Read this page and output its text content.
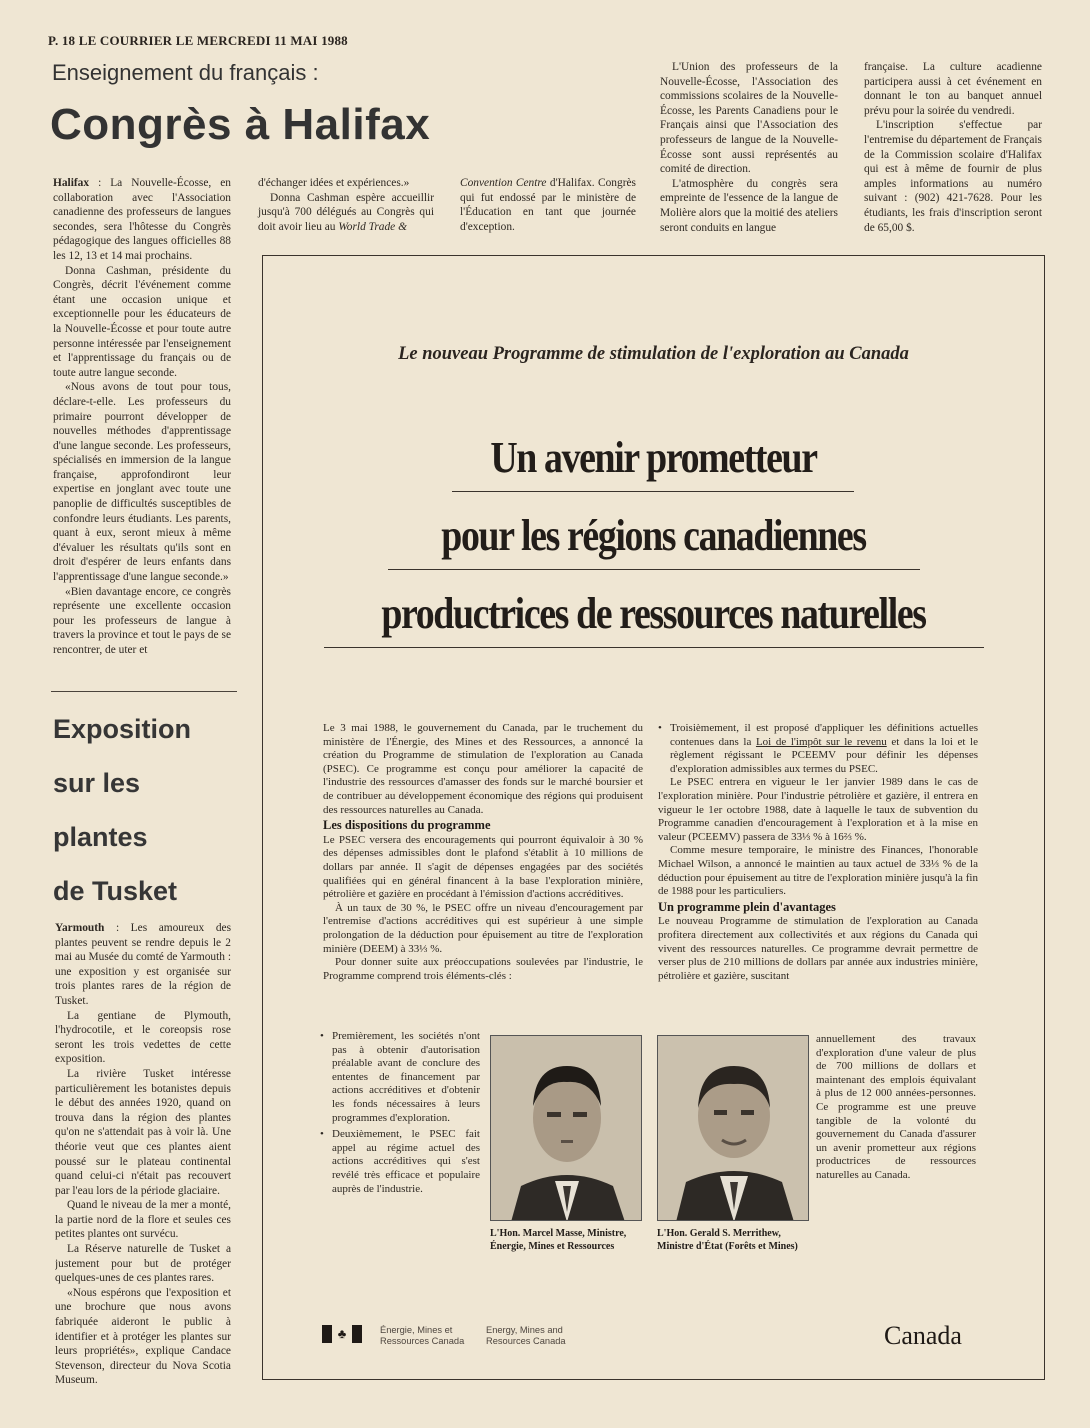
P. 18 LE COURRIER LE MERCREDI 11 MAI 1988
Enseignement du français :
Congrès à Halifax

Halifax : La Nouvelle-Écosse, en collaboration avec l'Association canadienne des professeurs de langues secondes, sera l'hôtesse du Congrès pédagogique des langues officielles 88 les 12, 13 et 14 mai prochains.

Donna Cashman, présidente du Congrès, décrit l'événement comme étant une occasion unique et exceptionnelle pour les éducateurs de la Nouvelle-Écosse et pour toute autre personne intéressée par l'enseignement et l'apprentissage du français ou de toute autre langue seconde.

«Nous avons de tout pour tous, déclare-t-elle. Les professeurs du primaire pourront développer de nouvelles méthodes d'apprentissage d'une langue seconde. Les professeurs, spécialisés en immersion de la langue française, approfondiront leur expertise en jonglant avec toute une panoplie de difficultés susceptibles de confondre leurs étudiants. Les parents, quant à eux, seront mieux à même d'évaluer les résultats qu'ils sont en droit d'espérer de leurs enfants dans l'apprentissage d'une langue seconde.»

«Bien davantage encore, ce congrès représente une excellente occasion pour les professeurs de langue à travers la province et tout le pays de se rencontrer, de uter et

d'échanger idées et expériences.»

Donna Cashman espère accueillir jusqu'à 700 délégués au Congrès qui doit avoir lieu au World Trade &

Convention Centre d'Halifax. Congrès qui fut endossé par le ministère de l'Éducation en tant que journée d'exception.

L'Union des professeurs de la Nouvelle-Écosse, l'Association des commissions scolaires de la Nouvelle-Écosse, les Parents Canadiens pour le Français ainsi que l'Association des professeurs de langue de la Nouvelle-Écosse sont aussi représentés au comité de direction.

L'atmosphère du congrès sera empreinte de l'essence de la langue de Molière alors que la moitié des ateliers seront conduits en langue

française. La culture acadienne participera aussi à cet événement en donnant le ton au banquet annuel prévu pour la soirée du vendredi.

L'inscription s'effectue par l'entremise du département de Français de la Commission scolaire d'Halifax qui est à même de fournir de plus amples informations au numéro suivant : (902) 421-7628. Pour les étudiants, les frais d'inscription seront de 65,00 $.

Exposition
sur les
plantes
de Tusket

Yarmouth : Les amoureux des plantes peuvent se rendre depuis le 2 mai au Musée du comté de Yarmouth : une exposition y est organisée sur trois plantes rares de la région de Tusket.

La gentiane de Plymouth, l'hydrocotile, et le coreopsis rose seront les trois vedettes de cette exposition.

La rivière Tusket intéresse particulièrement les botanistes depuis le début des années 1920, quand on trouva dans la région des plantes qu'on ne s'attendait pas à voir là. Une théorie veut que ces plantes aient poussé sur le plateau continental quand celui-ci n'était pas recouvert par l'eau lors de la période glaciaire.

Quand le niveau de la mer a monté, la partie nord de la flore et seules ces petites plantes ont survécu.

La Réserve naturelle de Tusket a justement pour but de protéger quelques-unes de ces plantes rares.

«Nous espérons que l'exposition et une brochure que nous avons fabriquée aideront le public à identifier et à protéger les plantes sur leurs propriétés», explique Candace Stevenson, directeur du Nova Scotia Museum.

Le nouveau Programme de stimulation de l'exploration au Canada
Un avenir prometteur
pour les régions canadiennes
productrices de ressources naturelles

Le 3 mai 1988, le gouvernement du Canada, par le truchement du ministère de l'Énergie, des Mines et des Ressources, a annoncé la création du Programme de stimulation de l'exploration au Canada (PSEC). Ce programme est conçu pour améliorer la capacité de l'industrie des ressources d'amasser des fonds sur le marché boursier et de contribuer au développement économique des régions qui produisent des ressources naturelles au Canada.

Les dispositions du programme

Le PSEC versera des encouragements qui pourront équivaloir à 30 % des dépenses admissibles dont le plafond s'établit à 10 millions de dollars par année. Il s'agit de dépenses engagées par des sociétés qualifiées qui en général financent à la base l'exploration minière, pétrolière et gazière en procédant à l'émission d'actions accréditives.

À un taux de 30 %, le PSEC offre un niveau d'encouragement par l'entremise d'actions accréditives qui est supérieur à une simple prolongation de la déduction pour épuisement au titre de l'exploration minière (DEEM) à 33⅓ %.

Pour donner suite aux préoccupations soulevées par l'industrie, le Programme comprend trois éléments-clés :

• Premièrement, les sociétés n'ont pas à obtenir d'autorisation préalable avant de conclure des ententes de financement par actions accréditives et d'obtenir les fonds nécessaires à leurs programmes d'exploration.
• Deuxièmement, le PSEC fait appel au régime actuel des actions accréditives qui s'est revélé très efficace et populaire auprès de l'industrie.
L'Hon. Marcel Masse, Ministre,
Énergie, Mines et Ressources
L'Hon. Gerald S. Merrithew,
Ministre d'État (Forêts et Mines)
• Troisièmement, il est proposé d'appliquer les définitions actuelles contenues dans la Loi de l'impôt sur le revenu et dans la loi et le règlement régissant le PCEEMV pour définir les dépenses d'exploration admissibles aux termes du PSEC.

Le PSEC entrera en vigueur le 1er janvier 1989 dans le cas de l'exploration minière. Pour l'industrie pétrolière et gazière, il entrera en vigueur le 1er octobre 1988, date à laquelle le taux de subvention du Programme canadien d'encouragement à l'exploration et à la mise en valeur (PCEEMV) passera de 33⅓ % à 16⅔ %.

Comme mesure temporaire, le ministre des Finances, l'honorable Michael Wilson, a annoncé le maintien au taux actuel de 33⅓ % de la déduction pour épuisement au titre de l'exploration minière jusqu'à la fin de 1988 pour les particuliers.

Un programme plein d'avantages

Le nouveau Programme de stimulation de l'exploration au Canada profitera directement aux collectivités et aux régions du Canada qui vivent des ressources naturelles. Ce programme devrait permettre de verser plus de 210 millions de dollars par année aux industries minière, pétrolière et gazière, suscitant

annuellement des travaux d'exploration d'une valeur de plus de 700 millions de dollars et maintenant des emplois équivalant à plus de 12 000 années-personnes. Ce programme est une preuve tangible de la volonté du gouvernement du Canada d'assurer un avenir prometteur aux régions productrices de ressources naturelles au Canada.

♣	Énergie, Mines et
Ressources Canada
Energy, Mines and
Resources Canada	Canada
